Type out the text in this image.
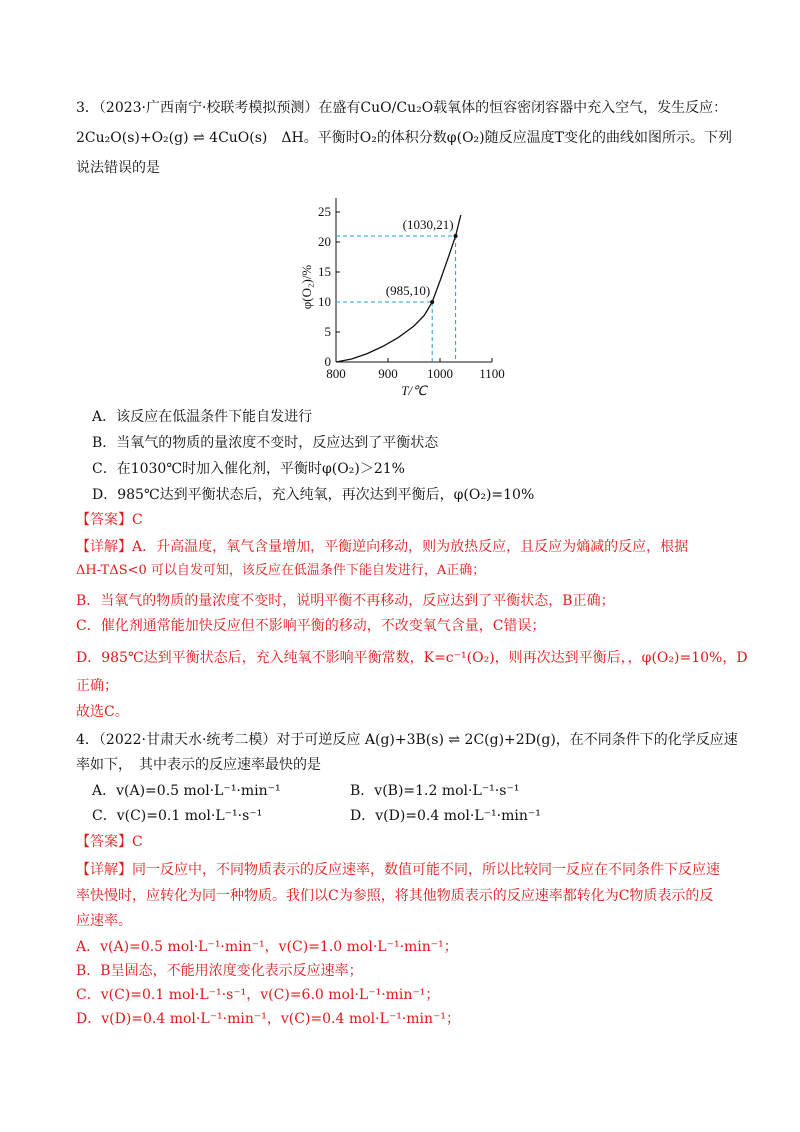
3．（2023·广西南宁·校联考模拟预测）在盛有CuO/Cu₂O载氧体的恒容密闭容器中充入空气，发生反应：
2Cu₂O(s)+O₂(g) ⇌ 4CuO(s)　ΔH。平衡时O₂的体积分数φ(O₂)随反应温度T变化的曲线如图所示。下列
说法错误的是
800	900 1000 1100
0
5
10
15
20
25
T/℃
φ(O₂)/%	(985,10)
(1030,21)
A．该反应在低温条件下能自发进行
B．当氧气的物质的量浓度不变时，反应达到了平衡状态
C．在1030℃时加入催化剂，平衡时φ(O₂)＞21%
D．985℃达到平衡状态后，充入纯氧，再次达到平衡后，φ(O₂)=10%
【答案】C
【详解】A．升高温度，氧气含量增加，平衡逆向移动，则为放热反应，且反应为熵减的反应，根据
ΔH-TΔS<0 可以自发可知，该反应在低温条件下能自发进行，A正确；
B．当氧气的物质的量浓度不变时，说明平衡不再移动，反应达到了平衡状态，B正确；
C．催化剂通常能加快反应但不影响平衡的移动，不改变氧气含量，C错误；
D．985℃达到平衡状态后，充入纯氧不影响平衡常数，K=c⁻¹(O₂)，则再次达到平衡后，，φ(O₂)=10%，D
正确；
故选C。
4．（2022·甘肃天水·统考二模）对于可逆反应 A(g)+3B(s) ⇌ 2C(g)+2D(g)，在不同条件下的化学反应速
率如下，　其中表示的反应速率最快的是
A．v(A)=0.5 mol·L⁻¹·min⁻¹	B．v(B)=1.2 mol·L⁻¹·s⁻¹
C．v(C)=0.1 mol·L⁻¹·s⁻¹	D．v(D)=0.4 mol·L⁻¹·min⁻¹
【答案】C
【详解】同一反应中，不同物质表示的反应速率，数值可能不同，所以比较同一反应在不同条件下反应速
率快慢时，应转化为同一种物质。我们以C为参照，将其他物质表示的反应速率都转化为C物质表示的反
应速率。
A．v(A)=0.5 mol·L⁻¹·min⁻¹，v(C)=1.0 mol·L⁻¹·min⁻¹；
B．B呈固态，不能用浓度变化表示反应速率；
C．v(C)=0.1 mol·L⁻¹·s⁻¹，v(C)=6.0 mol·L⁻¹·min⁻¹；
D．v(D)=0.4 mol·L⁻¹·min⁻¹，v(C)=0.4 mol·L⁻¹·min⁻¹；
